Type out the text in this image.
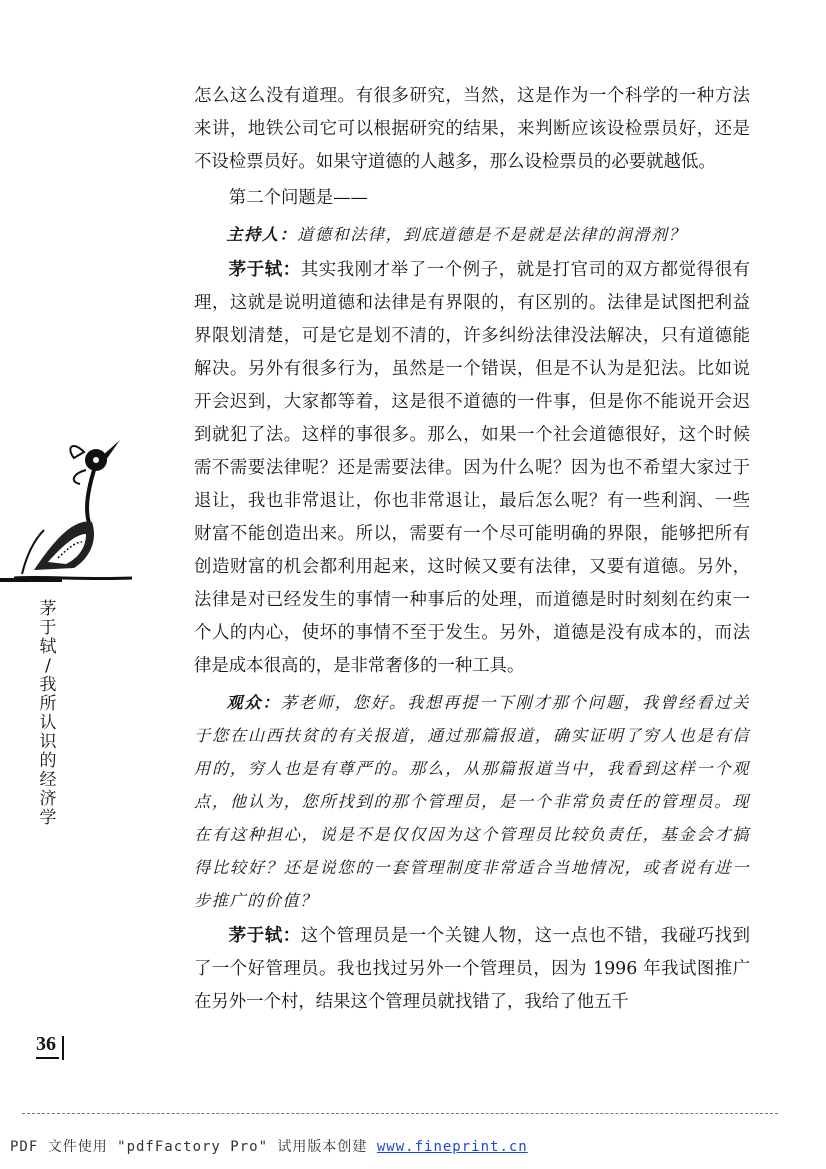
茅
于
轼
/
我
所
认
识
的
经
济
学
36

怎么这么没有道理。有很多研究，当然，这是作为一个科学的一种方法来讲，地铁公司它可以根据研究的结果，来判断应该设检票员好，还是不设检票员好。如果守道德的人越多，那么设检票员的必要就越低。

第二个问题是——

主持人：道德和法律，到底道德是不是就是法律的润滑剂？

茅于轼：其实我刚才举了一个例子，就是打官司的双方都觉得很有理，这就是说明道德和法律是有界限的，有区别的。法律是试图把利益界限划清楚，可是它是划不清的，许多纠纷法律没法解决，只有道德能解决。另外有很多行为，虽然是一个错误，但是不认为是犯法。比如说开会迟到，大家都等着，这是很不道德的一件事，但是你不能说开会迟到就犯了法。这样的事很多。那么，如果一个社会道德很好，这个时候需不需要法律呢？还是需要法律。因为什么呢？因为也不希望大家过于退让，我也非常退让，你也非常退让，最后怎么呢？有一些利润、一些财富不能创造出来。所以，需要有一个尽可能明确的界限，能够把所有创造财富的机会都利用起来，这时候又要有法律，又要有道德。另外，法律是对已经发生的事情一种事后的处理，而道德是时时刻刻在约束一个人的内心，使坏的事情不至于发生。另外，道德是没有成本的，而法律是成本很高的，是非常奢侈的一种工具。

观众：茅老师，您好。我想再提一下刚才那个问题，我曾经看过关于您在山西扶贫的有关报道，通过那篇报道，确实证明了穷人也是有信用的，穷人也是有尊严的。那么，从那篇报道当中，我看到这样一个观点，他认为，您所找到的那个管理员，是一个非常负责任的管理员。现在有这种担心，说是不是仅仅因为这个管理员比较负责任，基金会才搞得比较好？还是说您的一套管理制度非常适合当地情况，或者说有进一步推广的价值？

茅于轼：这个管理员是一个关键人物，这一点也不错，我碰巧找到了一个好管理员。我也找过另外一个管理员，因为 1996 年我试图推广在另外一个村，结果这个管理员就找错了，我给了他五千

PDF 文件使用 "pdfFactory Pro" 试用版本创建 www.fineprint.cn
